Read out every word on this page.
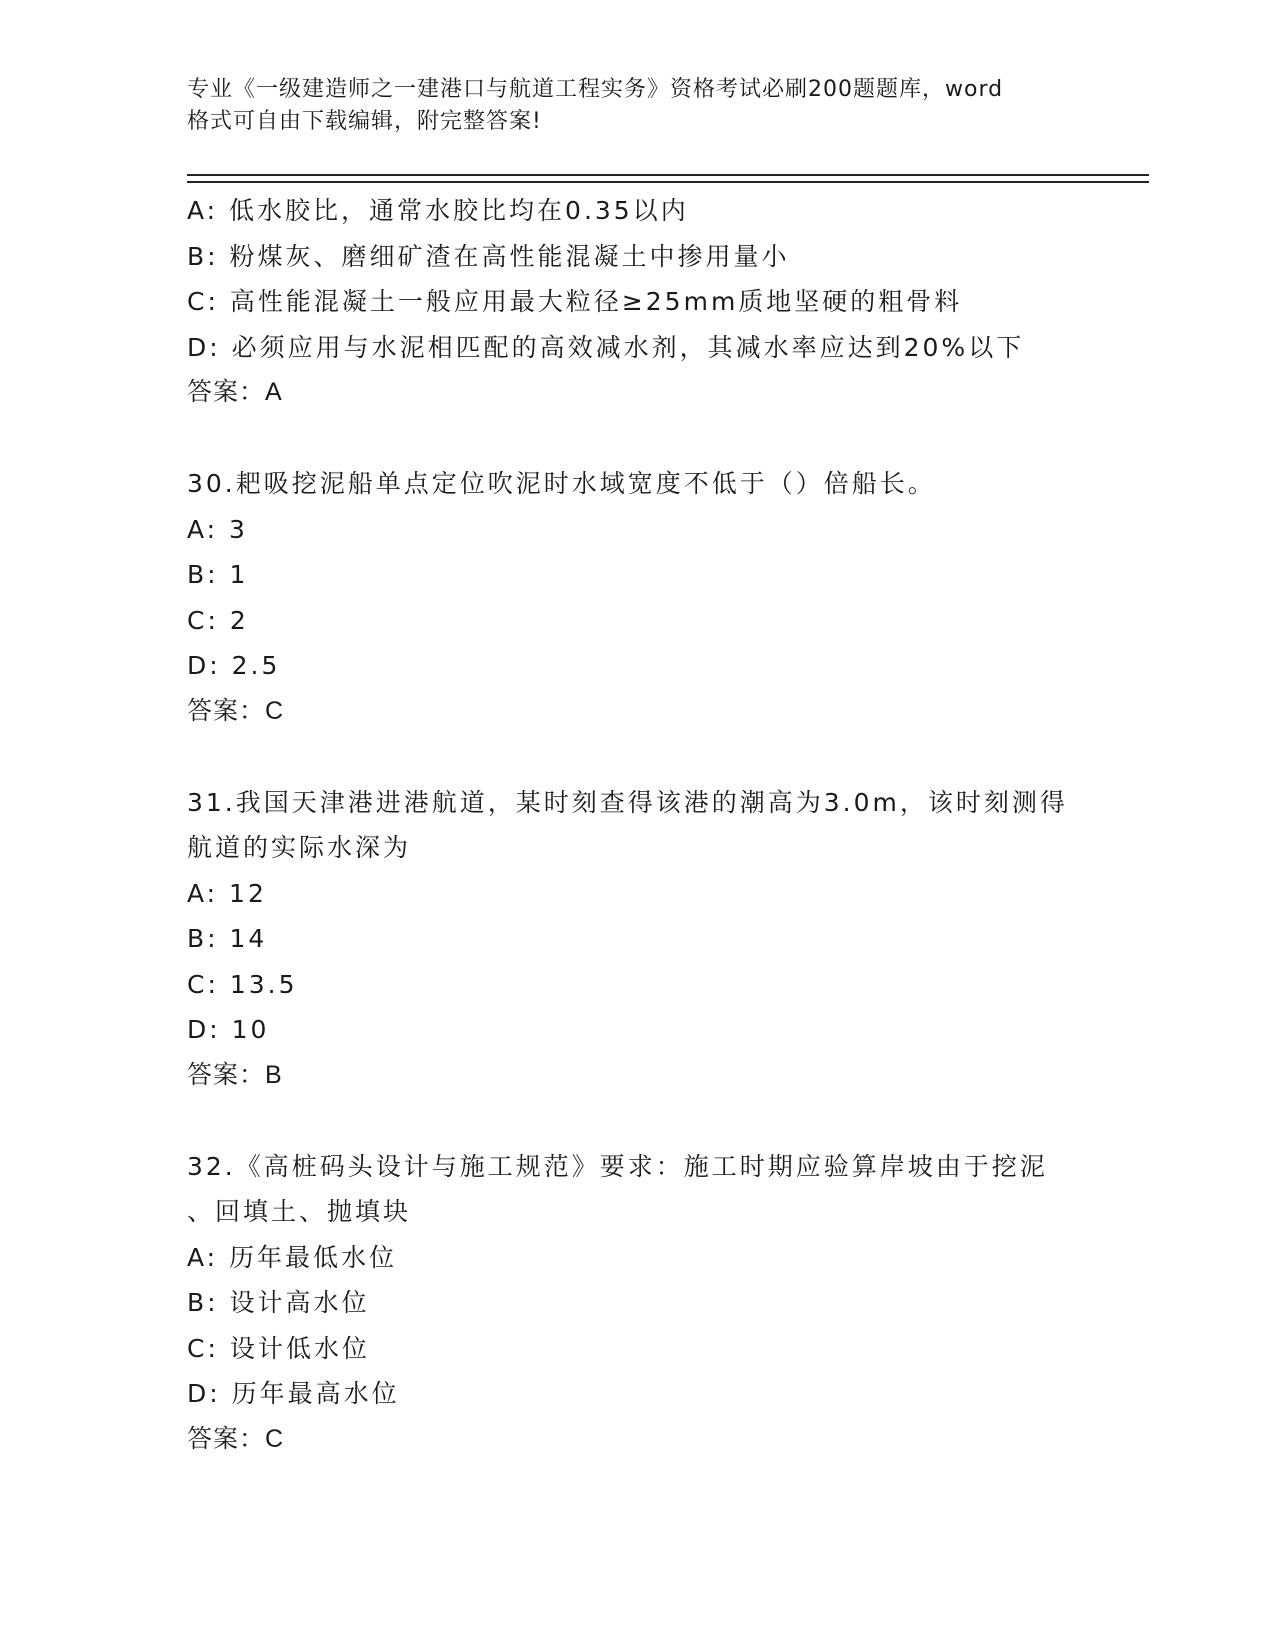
专业《一级建造师之一建港口与航道工程实务》资格考试必刷200题题库，word
格式可自由下载编辑，附完整答案!
A: 低水胶比，通常水胶比均在0.35以内
B: 粉煤灰、磨细矿渣在高性能混凝土中掺用量小
C: 高性能混凝土一般应用最大粒径≥25mm质地坚硬的粗骨料
D: 必须应用与水泥相匹配的高效减水剂，其减水率应达到20%以下
答案：A
30.耙吸挖泥船单点定位吹泥时水域宽度不低于（）倍船长。
A: 3
B: 1
C: 2
D: 2.5
答案：C
31.我国天津港进港航道，某时刻查得该港的潮高为3.0m，该时刻测得
航道的实际水深为
A: 12
B: 14
C: 13.5
D: 10
答案：B
32.《高桩码头设计与施工规范》要求：施工时期应验算岸坡由于挖泥
、回填土、抛填块
A: 历年最低水位
B: 设计高水位
C: 设计低水位
D: 历年最高水位
答案：C
